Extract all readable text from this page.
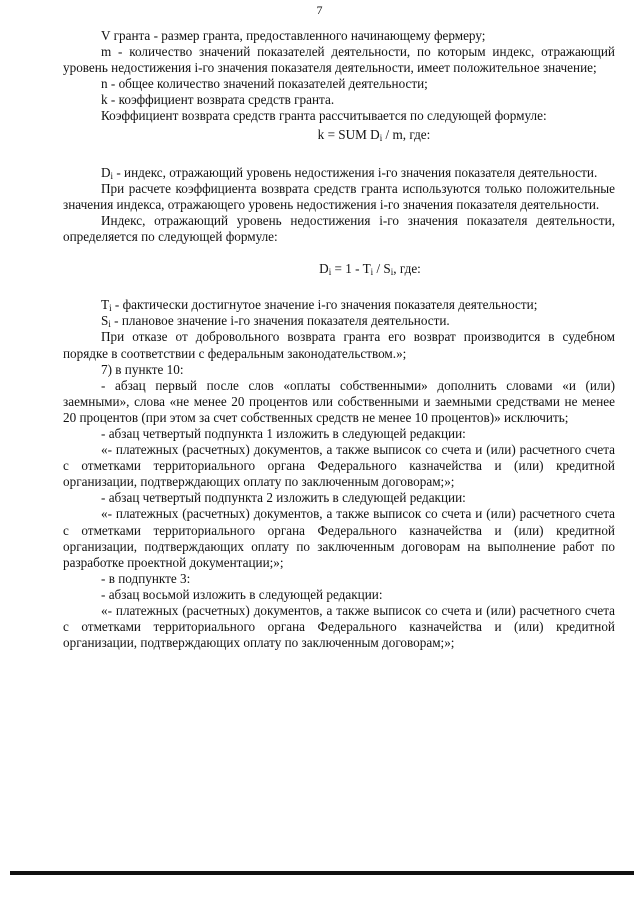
7

V гранта - размер гранта, предоставленного начинающему фермеру;

m - количество значений показателей деятельности, по которым индекс, отражающий уровень недостижения i-го значения показателя деятельности, имеет положительное значение;

n - общее количество значений показателей деятельности;

k - коэффициент возврата средств гранта.

Коэффициент возврата средств гранта рассчитывается по следующей формуле:

k = SUM $D_i$ / m, где:

$D_i$ - индекс, отражающий уровень недостижения i-го значения показателя деятельности.

При расчете коэффициента возврата средств гранта используются только положительные значения индекса, отражающего уровень недостижения i-го значения показателя деятельности.

Индекс, отражающий уровень недостижения i-го значения показателя деятельности, определяется по следующей формуле:

$D_i = 1 - T_i / S_i$, где:

$T_i$ - фактически достигнутое значение i-го значения показателя деятельности;

$S_i$ - плановое значение i-го значения показателя деятельности.

При отказе от добровольного возврата гранта его возврат производится в судебном порядке в соответствии с федеральным законодательством.»;

7) в пункте 10:

- абзац первый после слов «оплаты собственными» дополнить словами «и (или) заемными», слова «не менее 20 процентов или собственными и заемными средствами не менее 20 процентов (при этом за счет собственных средств не менее 10 процентов)» исключить;

- абзац четвертый подпункта 1 изложить в следующей редакции:

«- платежных (расчетных) документов, а также выписок со счета и (или) расчетного счета с отметками территориального органа Федерального казначейства и (или) кредитной организации, подтверждающих оплату по заключенным договорам;»;

- абзац четвертый подпункта 2 изложить в следующей редакции:

«- платежных (расчетных) документов, а также выписок со счета и (или) расчетного счета с отметками территориального органа Федерального казначейства и (или) кредитной организации, подтверждающих оплату по заключенным договорам на выполнение работ по разработке проектной документации;»;

- в подпункте 3:

- абзац восьмой изложить в следующей редакции:

«- платежных (расчетных) документов, а также выписок со счета и (или) расчетного счета с отметками территориального органа Федерального казначейства и (или) кредитной организации, подтверждающих оплату по заключенным договорам;»;
